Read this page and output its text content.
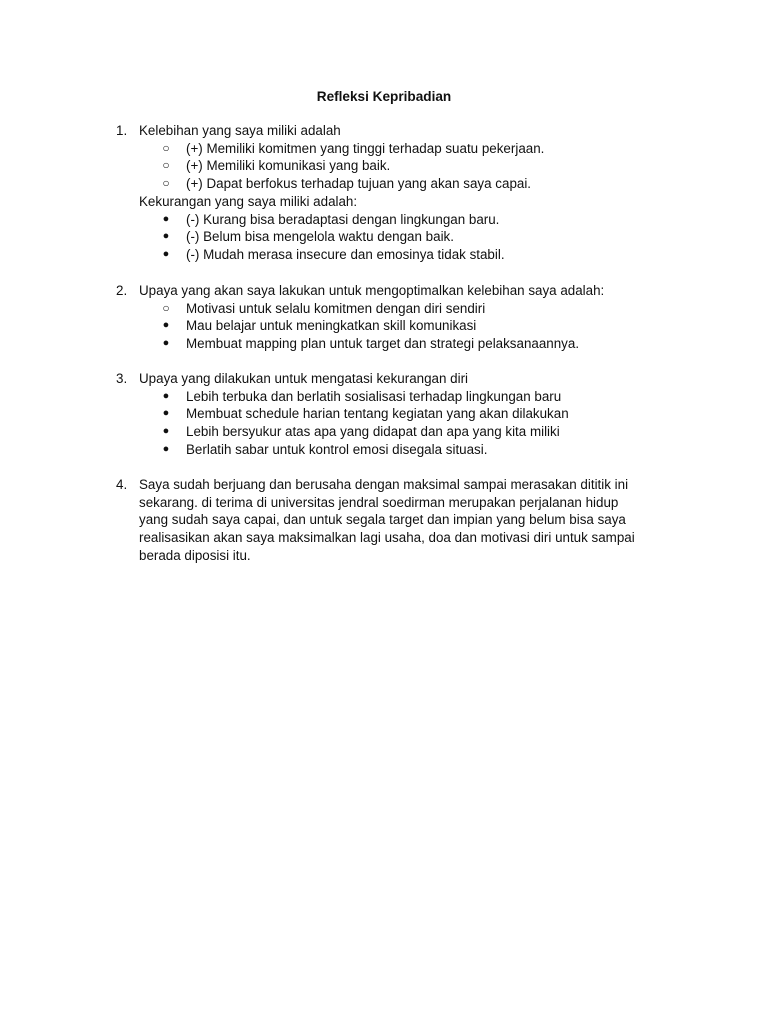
Refleksi Kepribadian
1. Kelebihan yang saya miliki adalah
○ (+) Memiliki komitmen yang tinggi terhadap suatu pekerjaan.
○ (+) Memiliki komunikasi yang baik.
○ (+) Dapat berfokus terhadap tujuan yang akan saya capai.
Kekurangan yang saya miliki adalah:
● (-) Kurang bisa beradaptasi dengan lingkungan baru.
● (-) Belum bisa mengelola waktu dengan baik.
● (-) Mudah merasa insecure dan emosinya tidak stabil.
2. Upaya yang akan saya lakukan untuk mengoptimalkan kelebihan saya adalah:
○ Motivasi untuk selalu komitmen dengan diri sendiri
● Mau belajar untuk meningkatkan skill komunikasi
● Membuat mapping plan untuk target dan strategi pelaksanaannya.
3. Upaya yang dilakukan untuk mengatasi kekurangan diri
● Lebih terbuka dan berlatih sosialisasi terhadap lingkungan baru
● Membuat schedule harian tentang kegiatan yang akan dilakukan
● Lebih bersyukur atas apa yang didapat dan apa yang kita miliki
● Berlatih sabar untuk kontrol emosi disegala situasi.
4. Saya sudah berjuang dan berusaha dengan maksimal sampai merasakan dititik ini
sekarang. di terima di universitas jendral soedirman merupakan perjalanan hidup
yang sudah saya capai, dan untuk segala target dan impian yang belum bisa saya
realisasikan akan saya maksimalkan lagi usaha, doa dan motivasi diri untuk sampai
berada diposisi itu.
